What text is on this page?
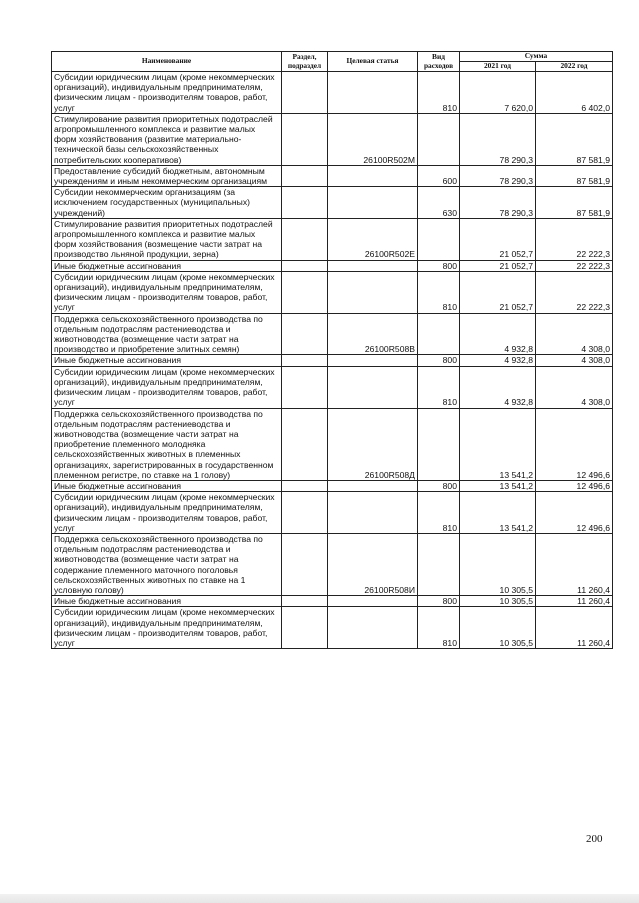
Наименование	Раздел, подраздел	Целевая статья	Вид расходов	Сумма	
				2021 год	2022 год
Субсидии юридическим лицам (кроме некоммерческих организаций), индивидуальным предпринимателям, физическим лицам - производителям товаров, работ, услуг			810	7 620,0	6 402,0
Стимулирование развития приоритетных подотраслей агропромышленного комплекса и развитие малых форм хозяйствования (развитие материально-технической базы сельскохозяйственных потребительских кооперативов)		26100R502M		78 290,3	87 581,9
Предоставление субсидий бюджетным, автономным учреждениям и иным некоммерческим организациям			600	78 290,3	87 581,9
Субсидии некоммерческим организациям (за исключением государственных (муниципальных) учреждений)			630	78 290,3	87 581,9
Стимулирование развития приоритетных подотраслей агропромышленного комплекса и развитие малых форм хозяйствования (возмещение части затрат на производство льняной продукции, зерна)		26100R502E		21 052,7	22 222,3
Иные бюджетные ассигнования			800	21 052,7	22 222,3
Субсидии юридическим лицам (кроме некоммерческих организаций), индивидуальным предпринимателям, физическим лицам - производителям товаров, работ, услуг			810	21 052,7	22 222,3
Поддержка сельскохозяйственного производства по отдельным подотраслям растениеводства и животноводства (возмещение части затрат на производство и приобретение элитных семян)		26100R508B		4 932,8	4 308,0
Иные бюджетные ассигнования			800	4 932,8	4 308,0
Субсидии юридическим лицам (кроме некоммерческих организаций), индивидуальным предпринимателям, физическим лицам - производителям товаров, работ, услуг			810	4 932,8	4 308,0
Поддержка сельскохозяйственного производства по отдельным подотраслям растениеводства и животноводства (возмещение части затрат на приобретение племенного молодняка сельскохозяйственных животных в племенных организациях, зарегистрированных в государственном племенном регистре, по ставке на 1 голову)		26100R508Д		13 541,2	12 496,6
Иные бюджетные ассигнования			800	13 541,2	12 496,6
Субсидии юридическим лицам (кроме некоммерческих организаций), индивидуальным предпринимателям, физическим лицам - производителям товаров, работ, услуг			810	13 541,2	12 496,6
Поддержка сельскохозяйственного производства по отдельным подотраслям растениеводства и животноводства (возмещение части затрат на содержание племенного маточного поголовья сельскохозяйственных животных по ставке на 1 условную голову)		26100R508И		10 305,5	11 260,4
Иные бюджетные ассигнования			800	10 305,5	11 260,4
Субсидии юридическим лицам (кроме некоммерческих организаций), индивидуальным предпринимателям, физическим лицам - производителям товаров, работ, услуг			810	10 305,5	11 260,4
200
